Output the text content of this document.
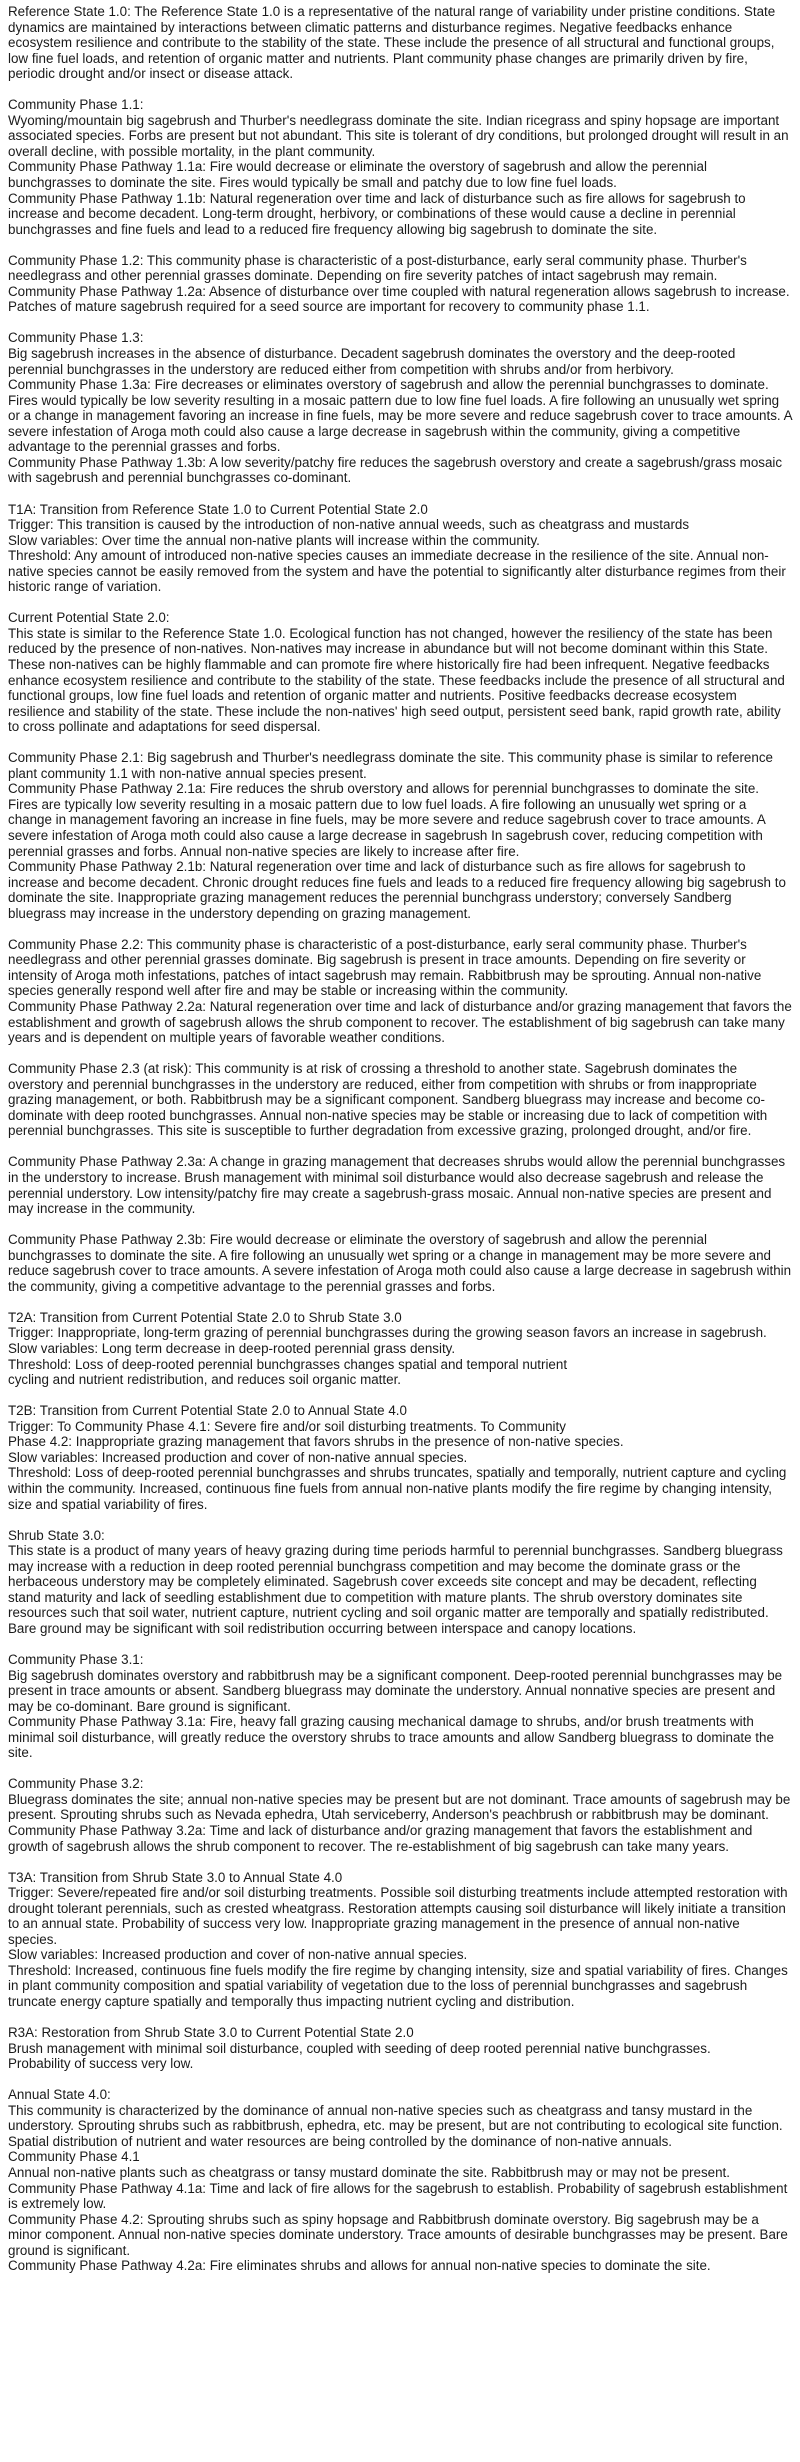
Reference State 1.0: The Reference State 1.0 is a representative of the natural range of variability under pristine conditions. State dynamics are maintained by interactions between climatic patterns and disturbance regimes. Negative feedbacks enhance ecosystem resilience and contribute to the stability of the state. These include the presence of all structural and functional groups, low fine fuel loads, and retention of organic matter and nutrients. Plant community phase changes are primarily driven by fire, periodic drought and/or insect or disease attack.

Community Phase 1.1:
Wyoming/mountain big sagebrush and Thurber's needlegrass dominate the site. Indian ricegrass and spiny hopsage are important associated species. Forbs are present but not abundant. This site is tolerant of dry conditions, but prolonged drought will result in an overall decline, with possible mortality, in the plant community.
Community Phase Pathway 1.1a: Fire would decrease or eliminate the overstory of sagebrush and allow the perennial bunchgrasses to dominate the site. Fires would typically be small and patchy due to low fine fuel loads.
Community Phase Pathway 1.1b: Natural regeneration over time and lack of disturbance such as fire allows for sagebrush to increase and become decadent. Long-term drought, herbivory, or combinations of these would cause a decline in perennial bunchgrasses and fine fuels and lead to a reduced fire frequency allowing big sagebrush to dominate the site.

Community Phase 1.2: This community phase is characteristic of a post-disturbance, early seral community phase. Thurber's needlegrass and other perennial grasses dominate. Depending on fire severity patches of intact sagebrush may remain.
Community Phase Pathway 1.2a: Absence of disturbance over time coupled with natural regeneration allows sagebrush to increase. Patches of mature sagebrush required for a seed source are important for recovery to community phase 1.1.

Community Phase 1.3:
Big sagebrush increases in the absence of disturbance. Decadent sagebrush dominates the overstory and the deep-rooted perennial bunchgrasses in the understory are reduced either from competition with shrubs and/or from herbivory.
Community Phase 1.3a: Fire decreases or eliminates overstory of sagebrush and allow the perennial bunchgrasses to dominate. Fires would typically be low severity resulting in a mosaic pattern due to low fine fuel loads. A fire following an unusually wet spring or a change in management favoring an increase in fine fuels, may be more severe and reduce sagebrush cover to trace amounts. A severe infestation of Aroga moth could also cause a large decrease in sagebrush within the community, giving a competitive advantage to the perennial grasses and forbs.
Community Phase Pathway 1.3b: A low severity/patchy fire reduces the sagebrush overstory and create a sagebrush/grass mosaic with sagebrush and perennial bunchgrasses co-dominant.

T1A: Transition from Reference State 1.0 to Current Potential State 2.0
Trigger: This transition is caused by the introduction of non-native annual weeds, such as cheatgrass and mustards
Slow variables: Over time the annual non-native plants will increase within the community.
Threshold: Any amount of introduced non-native species causes an immediate decrease in the resilience of the site. Annual non-native species cannot be easily removed from the system and have the potential to significantly alter disturbance regimes from their historic range of variation.

Current Potential State 2.0:
This state is similar to the Reference State 1.0. Ecological function has not changed, however the resiliency of the state has been reduced by the presence of non-natives. Non-natives may increase in abundance but will not become dominant within this State. These non-natives can be highly flammable and can promote fire where historically fire had been infrequent. Negative feedbacks enhance ecosystem resilience and contribute to the stability of the state. These feedbacks include the presence of all structural and functional groups, low fine fuel loads and retention of organic matter and nutrients. Positive feedbacks decrease ecosystem resilience and stability of the state. These include the non-natives' high seed output, persistent seed bank, rapid growth rate, ability to cross pollinate and adaptations for seed dispersal.

Community Phase 2.1: Big sagebrush and Thurber's needlegrass dominate the site. This community phase is similar to reference plant community 1.1 with non-native annual species present.
Community Phase Pathway 2.1a: Fire reduces the shrub overstory and allows for perennial bunchgrasses to dominate the site. Fires are typically low severity resulting in a mosaic pattern due to low fuel loads. A fire following an unusually wet spring or a change in management favoring an increase in fine fuels, may be more severe and reduce sagebrush cover to trace amounts. A severe infestation of Aroga moth could also cause a large decrease in sagebrush In sagebrush cover, reducing competition with perennial grasses and forbs. Annual non-native species are likely to increase after fire.
Community Phase Pathway 2.1b: Natural regeneration over time and lack of disturbance such as fire allows for sagebrush to increase and become decadent. Chronic drought reduces fine fuels and leads to a reduced fire frequency allowing big sagebrush to dominate the site. Inappropriate grazing management reduces the perennial bunchgrass understory; conversely Sandberg bluegrass may increase in the understory depending on grazing management.

Community Phase 2.2: This community phase is characteristic of a post-disturbance, early seral community phase. Thurber's needlegrass and other perennial grasses dominate. Big sagebrush is present in trace amounts. Depending on fire severity or intensity of Aroga moth infestations, patches of intact sagebrush may remain. Rabbitbrush may be sprouting. Annual non-native species generally respond well after fire and may be stable or increasing within the community.
Community Phase Pathway 2.2a: Natural regeneration over time and lack of disturbance and/or grazing management that favors the establishment and growth of sagebrush allows the shrub component to recover. The establishment of big sagebrush can take many years and is dependent on multiple years of favorable weather conditions.

Community Phase 2.3 (at risk): This community is at risk of crossing a threshold to another state. Sagebrush dominates the overstory and perennial bunchgrasses in the understory are reduced, either from competition with shrubs or from inappropriate grazing management, or both. Rabbitbrush may be a significant component. Sandberg bluegrass may increase and become co-dominate with deep rooted bunchgrasses. Annual non-native species may be stable or increasing due to lack of competition with perennial bunchgrasses. This site is susceptible to further degradation from excessive grazing, prolonged drought, and/or fire.

Community Phase Pathway 2.3a: A change in grazing management that decreases shrubs would allow the perennial bunchgrasses in the understory to increase. Brush management with minimal soil disturbance would also decrease sagebrush and release the perennial understory. Low intensity/patchy fire may create a sagebrush-grass mosaic. Annual non-native species are present and may increase in the community.

Community Phase Pathway 2.3b: Fire would decrease or eliminate the overstory of sagebrush and allow the perennial bunchgrasses to dominate the site. A fire following an unusually wet spring or a change in management may be more severe and reduce sagebrush cover to trace amounts. A severe infestation of Aroga moth could also cause a large decrease in sagebrush within the community, giving a competitive advantage to the perennial grasses and forbs.

T2A: Transition from Current Potential State 2.0 to Shrub State 3.0
Trigger: Inappropriate, long-term grazing of perennial bunchgrasses during the growing season favors an increase in sagebrush.
Slow variables: Long term decrease in deep-rooted perennial grass density.
Threshold: Loss of deep-rooted perennial bunchgrasses changes spatial and temporal nutrient
cycling and nutrient redistribution, and reduces soil organic matter.

T2B: Transition from Current Potential State 2.0 to Annual State 4.0
Trigger: To Community Phase 4.1: Severe fire and/or soil disturbing treatments. To Community
Phase 4.2: Inappropriate grazing management that favors shrubs in the presence of non-native species.
Slow variables: Increased production and cover of non-native annual species.
Threshold: Loss of deep-rooted perennial bunchgrasses and shrubs truncates, spatially and temporally, nutrient capture and cycling within the community. Increased, continuous fine fuels from annual non-native plants modify the fire regime by changing intensity, size and spatial variability of fires.

Shrub State 3.0:
This state is a product of many years of heavy grazing during time periods harmful to perennial bunchgrasses. Sandberg bluegrass may increase with a reduction in deep rooted perennial bunchgrass competition and may become the dominate grass or the herbaceous understory may be completely eliminated. Sagebrush cover exceeds site concept and may be decadent, reflecting stand maturity and lack of seedling establishment due to competition with mature plants. The shrub overstory dominates site resources such that soil water, nutrient capture, nutrient cycling and soil organic matter are temporally and spatially redistributed. Bare ground may be significant with soil redistribution occurring between interspace and canopy locations.

Community Phase 3.1:
Big sagebrush dominates overstory and rabbitbrush may be a significant component. Deep-rooted perennial bunchgrasses may be present in trace amounts or absent. Sandberg bluegrass may dominate the understory. Annual nonnative species are present and may be co-dominant. Bare ground is significant.
Community Phase Pathway 3.1a: Fire, heavy fall grazing causing mechanical damage to shrubs, and/or brush treatments with minimal soil disturbance, will greatly reduce the overstory shrubs to trace amounts and allow Sandberg bluegrass to dominate the site.

Community Phase 3.2:
Bluegrass dominates the site; annual non-native species may be present but are not dominant. Trace amounts of sagebrush may be present. Sprouting shrubs such as Nevada ephedra, Utah serviceberry, Anderson's peachbrush or rabbitbrush may be dominant.
Community Phase Pathway 3.2a: Time and lack of disturbance and/or grazing management that favors the establishment and growth of sagebrush allows the shrub component to recover. The re-establishment of big sagebrush can take many years.

T3A: Transition from Shrub State 3.0 to Annual State 4.0
Trigger: Severe/repeated fire and/or soil disturbing treatments. Possible soil disturbing treatments include attempted restoration with drought tolerant perennials, such as crested wheatgrass. Restoration attempts causing soil disturbance will likely initiate a transition to an annual state. Probability of success very low. Inappropriate grazing management in the presence of annual non-native species.
Slow variables: Increased production and cover of non-native annual species.
Threshold: Increased, continuous fine fuels modify the fire regime by changing intensity, size and spatial variability of fires. Changes in plant community composition and spatial variability of vegetation due to the loss of perennial bunchgrasses and sagebrush truncate energy capture spatially and temporally thus impacting nutrient cycling and distribution.

R3A: Restoration from Shrub State 3.0 to Current Potential State 2.0
Brush management with minimal soil disturbance, coupled with seeding of deep rooted perennial native bunchgrasses.
Probability of success very low.

Annual State 4.0:
This community is characterized by the dominance of annual non-native species such as cheatgrass and tansy mustard in the understory. Sprouting shrubs such as rabbitbrush, ephedra, etc. may be present, but are not contributing to ecological site function. Spatial distribution of nutrient and water resources are being controlled by the dominance of non-native annuals.
Community Phase 4.1
Annual non-native plants such as cheatgrass or tansy mustard dominate the site. Rabbitbrush may or may not be present.
Community Phase Pathway 4.1a: Time and lack of fire allows for the sagebrush to establish. Probability of sagebrush establishment is extremely low.
Community Phase 4.2: Sprouting shrubs such as spiny hopsage and Rabbitbrush dominate overstory. Big sagebrush may be a minor component. Annual non-native species dominate understory. Trace amounts of desirable bunchgrasses may be present. Bare ground is significant.
Community Phase Pathway 4.2a: Fire eliminates shrubs and allows for annual non-native species to dominate the site.
